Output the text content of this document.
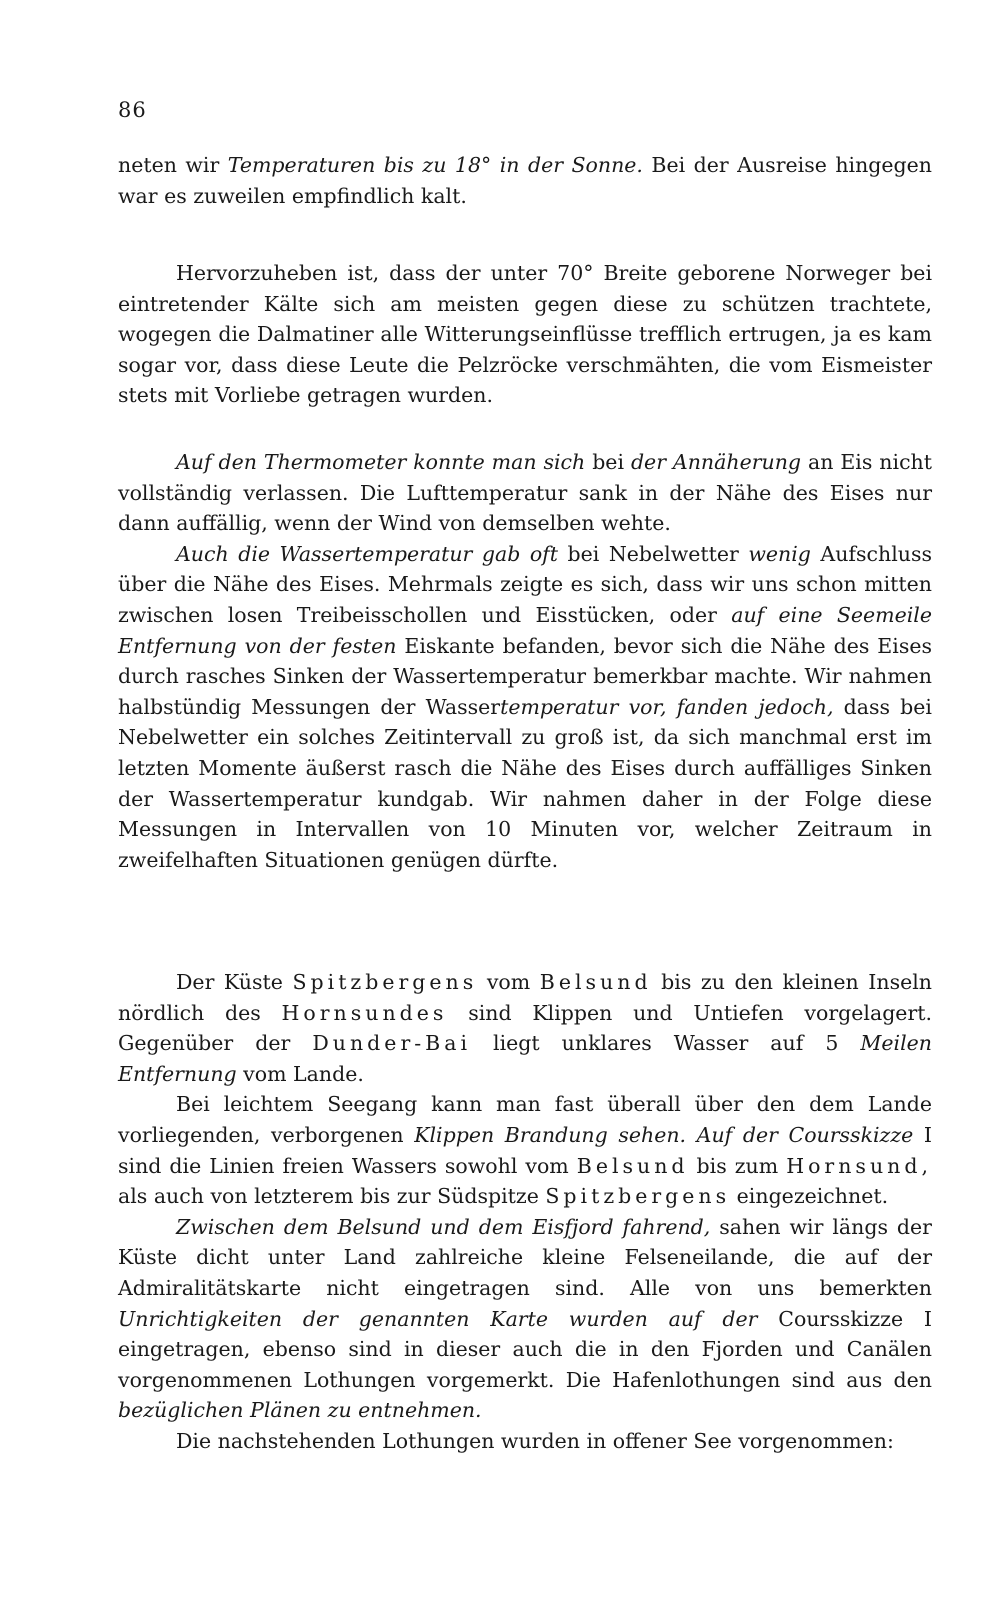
86

neten wir Temperaturen bis zu 18° in der Sonne. Bei der Ausreise hingegen war es zuweilen empfindlich kalt.

Hervorzuheben ist, dass der unter 70° Breite geborene Norweger bei eintretender Kälte sich am meisten gegen diese zu schützen trachtete, wogegen die Dalmatiner alle Witterungseinflüsse trefflich ertrugen, ja es kam sogar vor, dass diese Leute die Pelzröcke verschmähten, die vom Eismeister stets mit Vorliebe getragen wurden.

Auf den Thermometer konnte man sich bei der Annäherung an Eis nicht vollständig verlassen. Die Lufttemperatur sank in der Nähe des Eises nur dann auffällig, wenn der Wind von demselben wehte.

Auch die Wassertemperatur gab oft bei Nebelwetter wenig Aufschluss über die Nähe des Eises. Mehrmals zeigte es sich, dass wir uns schon mitten zwischen losen Treibeisschollen und Eisstücken, oder auf eine Seemeile Entfernung von der festen Eiskante befanden, bevor sich die Nähe des Eises durch rasches Sinken der Wassertemperatur bemerkbar machte. Wir nahmen halbstündig Messungen der Wassertemperatur vor, fanden jedoch, dass bei Nebelwetter ein solches Zeitintervall zu groß ist, da sich manchmal erst im letzten Momente äußerst rasch die Nähe des Eises durch auffälliges Sinken der Wassertemperatur kundgab. Wir nahmen daher in der Folge diese Messungen in Intervallen von 10 Minuten vor, welcher Zeitraum in zweifelhaften Situationen genügen dürfte.

Der Küste Spitzbergens vom Belsund bis zu den kleinen Inseln nördlich des Hornsundes sind Klippen und Untiefen vorgelagert. Gegenüber der Dunder-Bai liegt unklares Wasser auf 5 Meilen Entfernung vom Lande.

Bei leichtem Seegang kann man fast überall über den dem Lande vorliegenden, verborgenen Klippen Brandung sehen. Auf der Coursskizze I sind die Linien freien Wassers sowohl vom Belsund bis zum Hornsund, als auch von letzterem bis zur Südspitze Spitzbergens eingezeichnet.

Zwischen dem Belsund und dem Eisfjord fahrend, sahen wir längs der Küste dicht unter Land zahlreiche kleine Felseneilande, die auf der Admiralitätskarte nicht eingetragen sind. Alle von uns bemerkten Unrichtigkeiten der genannten Karte wurden auf der Coursskizze I eingetragen, ebenso sind in dieser auch die in den Fjorden und Canälen vorgenommenen Lothungen vorgemerkt. Die Hafenlothungen sind aus den bezüglichen Plänen zu entnehmen.

Die nachstehenden Lothungen wurden in offener See vorgenommen:
